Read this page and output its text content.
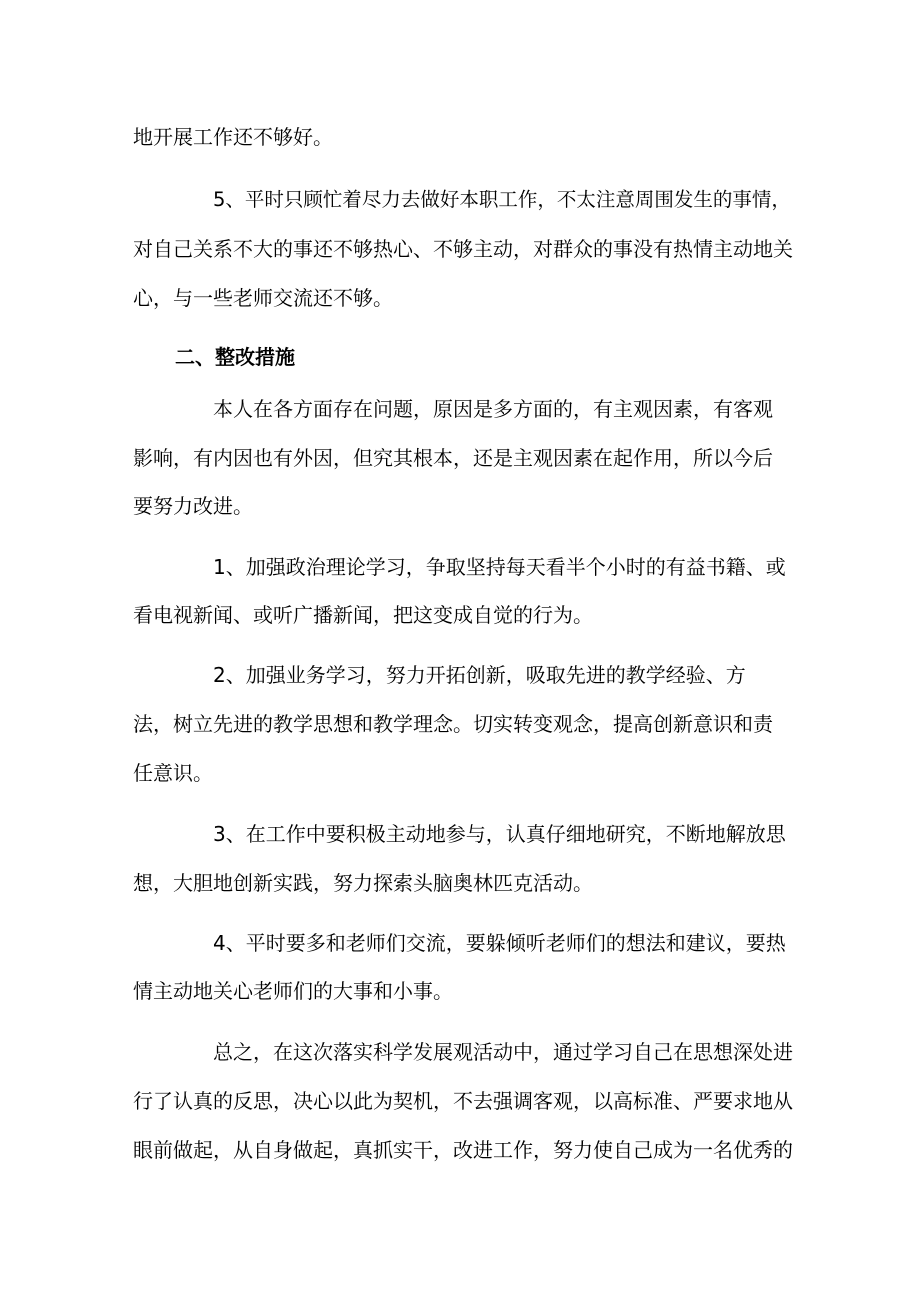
地开展工作还不够好。
5、平时只顾忙着尽力去做好本职工作，不太注意周围发生的事情，
对自己关系不大的事还不够热心、不够主动，对群众的事没有热情主动地关
心，与一些老师交流还不够。
二、整改措施
本人在各方面存在问题，原因是多方面的，有主观因素，有客观
影响，有内因也有外因，但究其根本，还是主观因素在起作用，所以今后
要努力改进。
1、加强政治理论学习，争取坚持每天看半个小时的有益书籍、或
看电视新闻、或听广播新闻，把这变成自觉的行为。
2、加强业务学习，努力开拓创新，吸取先进的教学经验、方
法，树立先进的教学思想和教学理念。切实转变观念，提高创新意识和责
任意识。
3、在工作中要积极主动地参与，认真仔细地研究，不断地解放思
想，大胆地创新实践，努力探索头脑奥林匹克活动。
4、平时要多和老师们交流，要躲倾听老师们的想法和建议，要热
情主动地关心老师们的大事和小事。
总之，在这次落实科学发展观活动中，通过学习自己在思想深处进
行了认真的反思，决心以此为契机，不去强调客观，以高标准、严要求地从
眼前做起，从自身做起，真抓实干，改进工作，努力使自己成为一名优秀的
